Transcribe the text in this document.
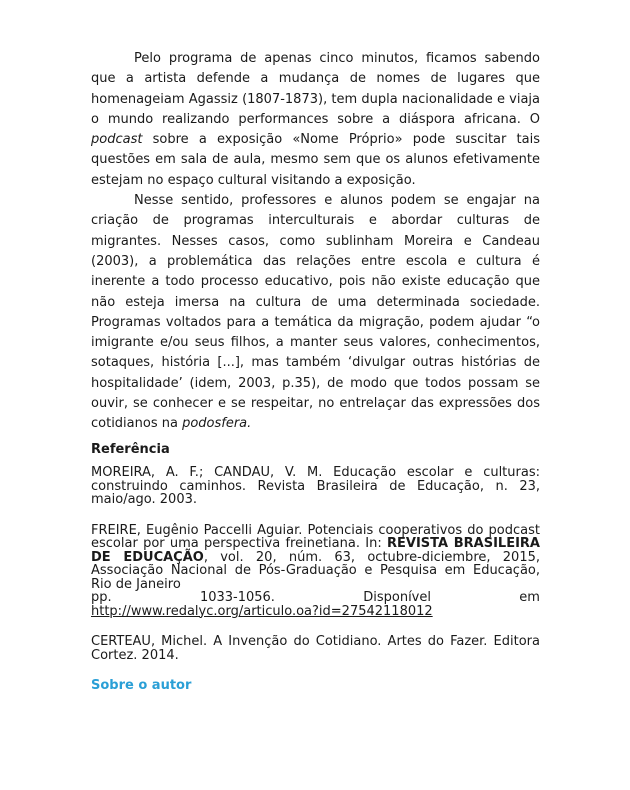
Pelo programa de apenas cinco minutos, ficamos sabendo que a artista defende a mudança de nomes de lugares que homenageiam Agassiz (1807-1873), tem dupla nacionalidade e viaja o mundo realizando performances sobre a diáspora africana. O podcast sobre a exposição «Nome Próprio» pode suscitar tais questões em sala de aula, mesmo sem que os alunos efetivamente estejam no espaço cultural visitando a exposição.

Nesse sentido, professores e alunos podem se engajar na criação de programas interculturais e abordar culturas de migrantes. Nesses casos, como sublinham Moreira e Candeau (2003), a problemática das relações entre escola e cultura é inerente a todo processo educativo, pois não existe educação que não esteja imersa na cultura de uma determinada sociedade. Programas voltados para a temática da migração, podem ajudar “o imigrante e/ou seus filhos, a manter seus valores, conhecimentos, sotaques, história [...], mas também ‘divulgar outras histórias de hospitalidade’ (idem, 2003, p.35), de modo que todos possam se ouvir, se conhecer e se respeitar, no entrelaçar das expressões dos cotidianos na podosfera.

Referência

MOREIRA, A. F.; CANDAU, V. M. Educação escolar e culturas: construindo caminhos. Revista Brasileira de Educação, n. 23, maio/ago. 2003.

FREIRE, Eugênio Paccelli Aguiar. Potenciais cooperativos do podcast escolar por uma perspectiva freinetiana. In: REVISTA BRASILEIRA DE EDUCAÇÃO, vol. 20, núm. 63, octubre-diciembre, 2015, Associação Nacional de Pós-Graduação e Pesquisa em Educação, Rio de Janeiro
pp.	1033-1056.	Disponível	em
http://www.redalyc.org/articulo.oa?id=27542118012

CERTEAU, Michel. A Invenção do Cotidiano. Artes do Fazer. Editora Cortez. 2014.

Sobre o autor
